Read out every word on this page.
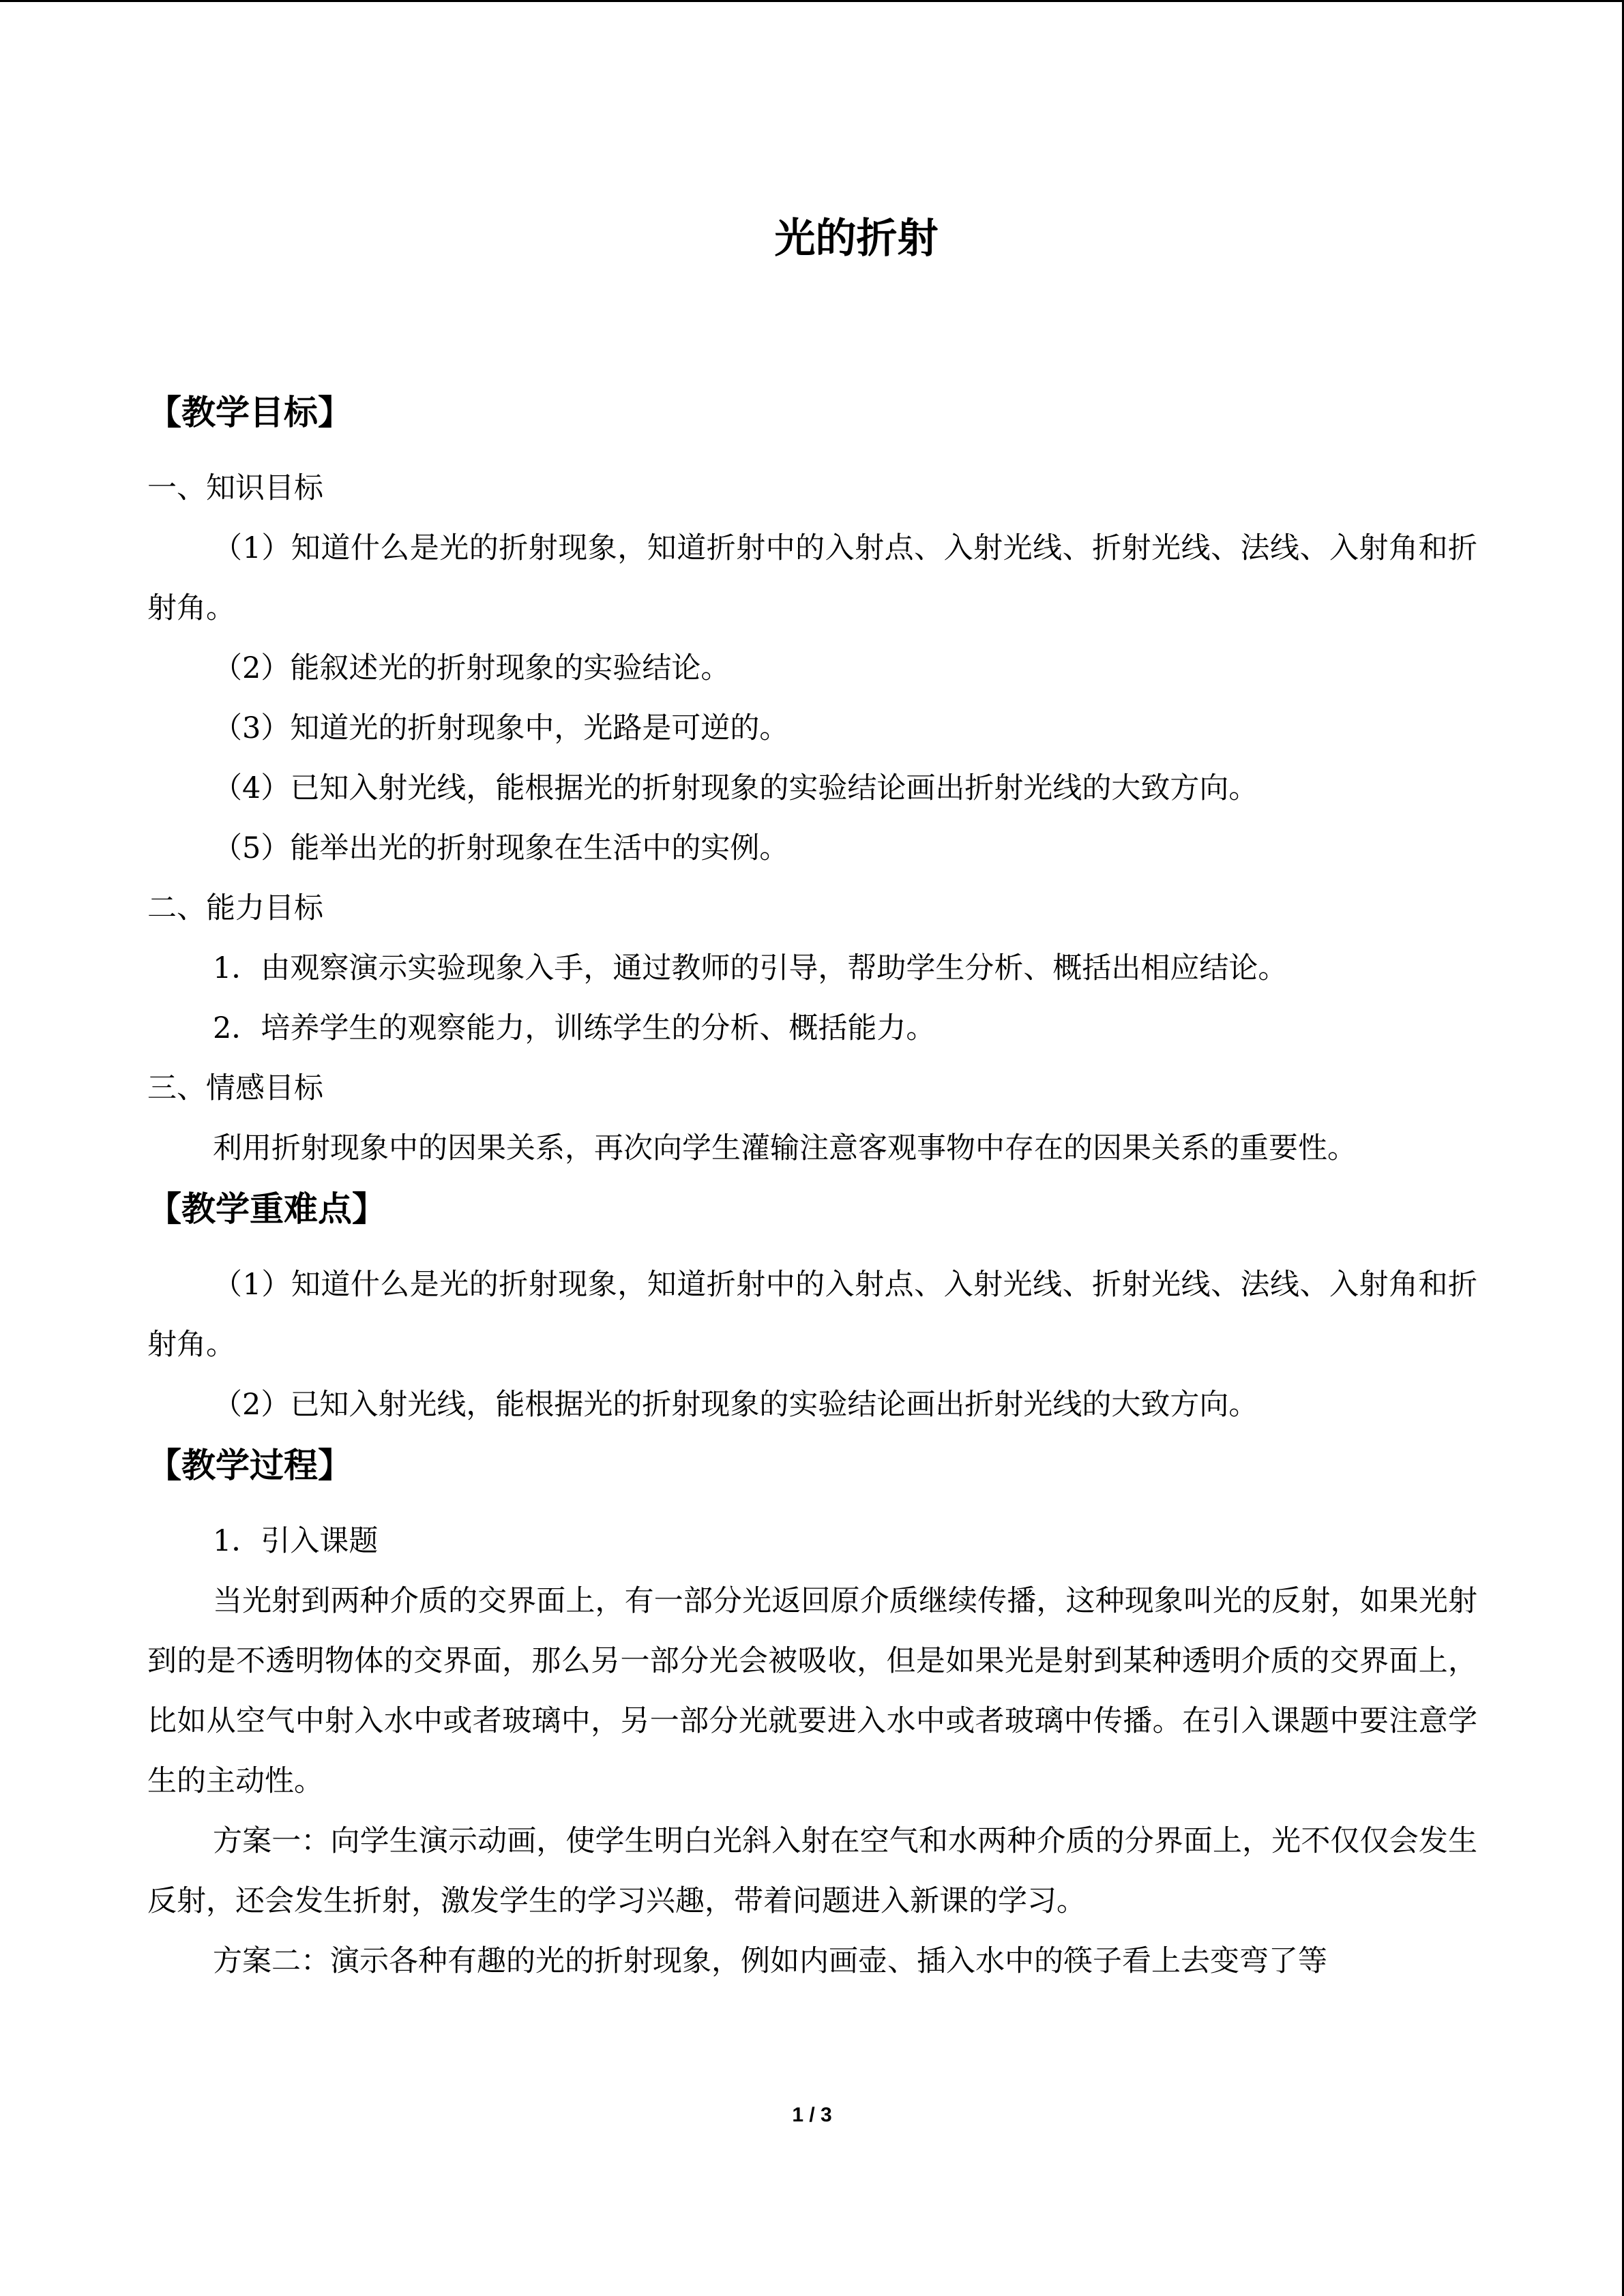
光的折射

【教学目标】

一、知识目标

（1）知道什么是光的折射现象，知道折射中的入射点、入射光线、折射光线、法线、入射角和折射角。

（2）能叙述光的折射现象的实验结论。

（3）知道光的折射现象中，光路是可逆的。

（4）已知入射光线，能根据光的折射现象的实验结论画出折射光线的大致方向。

（5）能举出光的折射现象在生活中的实例。

二、能力目标

1．由观察演示实验现象入手，通过教师的引导，帮助学生分析、概括出相应结论。

2．培养学生的观察能力，训练学生的分析、概括能力。

三、情感目标

利用折射现象中的因果关系，再次向学生灌输注意客观事物中存在的因果关系的重要性。

【教学重难点】

（1）知道什么是光的折射现象，知道折射中的入射点、入射光线、折射光线、法线、入射角和折射角。

（2）已知入射光线，能根据光的折射现象的实验结论画出折射光线的大致方向。

【教学过程】

1．引入课题

当光射到两种介质的交界面上，有一部分光返回原介质继续传播，这种现象叫光的反射，如果光射到的是不透明物体的交界面，那么另一部分光会被吸收，但是如果光是射到某种透明介质的交界面上，比如从空气中射入水中或者玻璃中，另一部分光就要进入水中或者玻璃中传播。在引入课题中要注意学生的主动性。

方案一：向学生演示动画，使学生明白光斜入射在空气和水两种介质的分界面上，光不仅仅会发生反射，还会发生折射，激发学生的学习兴趣，带着问题进入新课的学习。

方案二：演示各种有趣的光的折射现象，例如内画壶、插入水中的筷子看上去变弯了等

1 / 3
